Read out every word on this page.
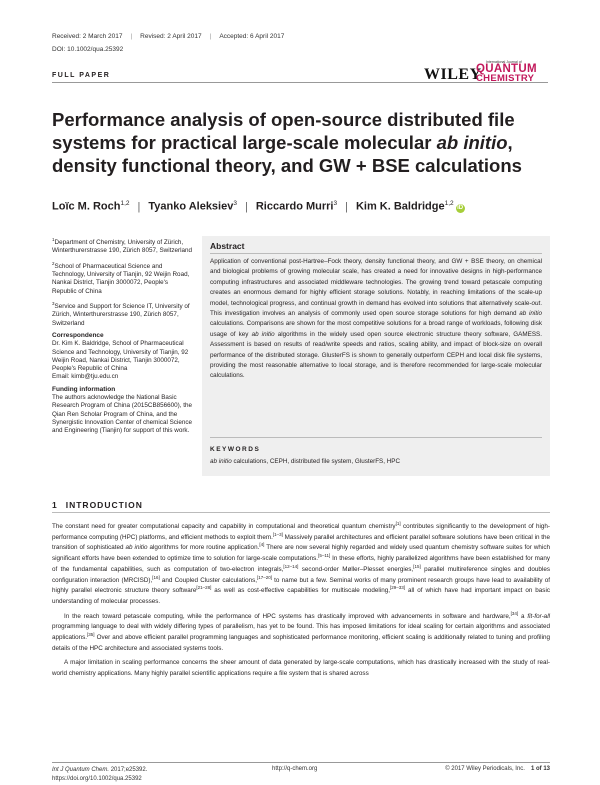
Received: 2 March 2017 | Revised: 2 April 2017 | Accepted: 6 April 2017
DOI: 10.1002/qua.25392
FULL PAPER	WILEY
International Journal of
QUANTUM
CHEMISTRY
Performance analysis of open-source distributed file systems for practical large-scale molecular ab initio, density functional theory, and GW + BSE calculations
Loïc M. Roch$^{1,2}$ | Tyanko Aleksiev$^3$ | Riccardo Murri$^3$ | Kim K. Baldridge$^{1,2}$iD
$^1$Department of Chemistry, University of Zürich, Winterthurerstrasse 190, Zürich 8057, Switzerland
$^2$School of Pharmaceutical Science and Technology, University of Tianjin, 92 Weijin Road, Nankai District, Tianjin 3000072, People's Republic of China
$^3$Service and Support for Science IT, University of Zürich, Winterthurerstrasse 190, Zürich 8057, Switzerland
Correspondence
Dr. Kim K. Baldridge, School of Pharmaceutical Science and Technology, University of Tianjin, 92 Weijin Road, Nankai District, Tianjin 3000072, People's Republic of China
Email: kimb@tju.edu.cn
Funding information
The authors acknowledge the National Basic Research Program of China (2015CB856600), the Qian Ren Scholar Program of China, and the Synergistic Innovation Center of chemical Science and Engineering (Tianjin) for support of this work.
Abstract
Application of conventional post-Hartree–Fock theory, density functional theory, and GW + BSE theory, on chemical and biological problems of growing molecular scale, has created a need for innovative designs in high-performance computing infrastructures and associated middleware technologies. The growing trend toward petascale computing creates an enormous demand for highly efficient storage solutions. Notably, in reaching limitations of the scale-up model, technological progress, and continual growth in demand has evolved into solutions that alternatively scale-out. This investigation involves an analysis of commonly used open source storage solutions for high demand ab initio calculations. Comparisons are shown for the most competitive solutions for a broad range of workloads, following disk usage of key ab initio algorithms in the widely used open source electronic structure theory software, GAMESS. Assessment is based on results of read/write speeds and ratios, scaling ability, and impact of block-size on overall performance of the distributed storage. GlusterFS is shown to generally outperform CEPH and local disk file systems, providing the most reasonable alternative to local storage, and is therefore recommended for large-scale molecular calculations.
KEYWORDS
ab initio calculations, CEPH, distributed file system, GlusterFS, HPC
1 INTRODUCTION

The constant need for greater computational capacity and capability in computational and theoretical quantum chemistry[1] contributes significantly to the development of high-performance computing (HPC) platforms, and efficient methods to exploit them.[1–3] Massively parallel architectures and efficient parallel software solutions have been critical in the transition of sophisticated ab initio algorithms for more routine application.[4] There are now several highly regarded and widely used quantum chemistry software suites for which significant efforts have been extended to optimize time to solution for large-scale computations.[5–11] In these efforts, highly parallelized algorithms have been established for many of the fundamental capabilities, such as computation of two-electron integrals,[12–14] second-order Møller–Plesset energies,[15] parallel multireference singles and doubles configuration interaction (MRCISD),[16] and Coupled Cluster calculations,[17–20] to name but a few. Seminal works of many prominent research groups have lead to availability of highly parallel electronic structure theory software[21–28] as well as cost-effective capabilities for multiscale modeling,[29–33] all of which have had important impact on basic understanding of molecular processes.

In the reach toward petascale computing, while the performance of HPC systems has drastically improved with advancements in software and hardware,[34] a fit-for-all programming language to deal with widely differing types of parallelism, has yet to be found. This has imposed limitations for ideal scaling for certain algorithms and associated applications.[35] Over and above efficient parallel programming languages and sophisticated performance monitoring, efficient scaling is additionally related to tuning and profiling details of the HPC architecture and associated systems tools.

A major limitation in scaling performance concerns the sheer amount of data generated by large-scale computations, which has drastically increased with the study of real-world chemistry applications. Many highly parallel scientific applications require a file system that is shared across

Int J Quantum Chem. 2017;e25392.
https://doi.org/10.1002/qua.25392
http://q-chem.org	© 2017 Wiley Periodicals, Inc. 1 of 13
